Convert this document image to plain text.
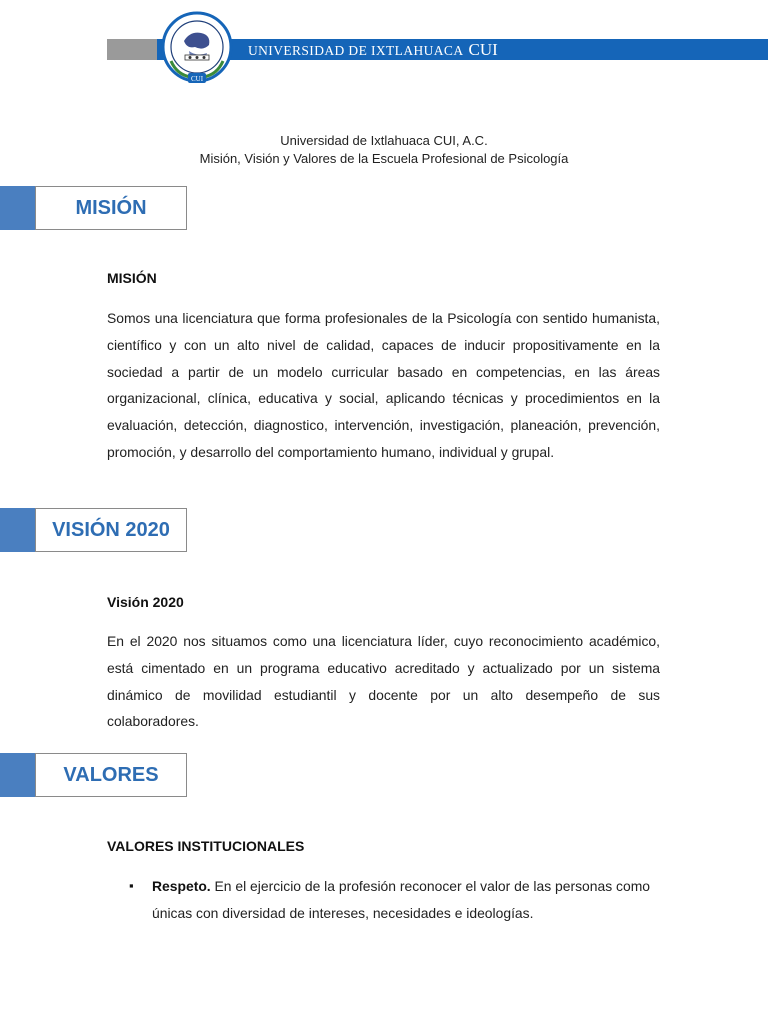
CUI
UNIVERSIDAD DE IXTLAHUACA CUI
Universidad de Ixtlahuaca CUI, A.C.
Misión, Visión y Valores de la Escuela Profesional de Psicología
MISIÓN
MISIÓN
Somos una licenciatura que forma profesionales de la Psicología con sentido humanista, científico y con un alto nivel de calidad, capaces de inducir propositivamente en la sociedad a partir de un modelo curricular basado en competencias, en las áreas organizacional, clínica, educativa y social, aplicando técnicas y procedimientos en la evaluación, detección, diagnostico, intervención, investigación, planeación, prevención, promoción, y desarrollo del comportamiento humano, individual y grupal.
VISIÓN 2020
Visión 2020
En el 2020 nos situamos como una licenciatura líder, cuyo reconocimiento académico, está cimentado en un programa educativo acreditado y actualizado por un sistema dinámico de movilidad estudiantil y docente por un alto desempeño de sus colaboradores.
VALORES
VALORES INSTITUCIONALES
▪ Respeto. En el ejercicio de la profesión reconocer el valor de las personas como únicas con diversidad de intereses, necesidades e ideologías.
